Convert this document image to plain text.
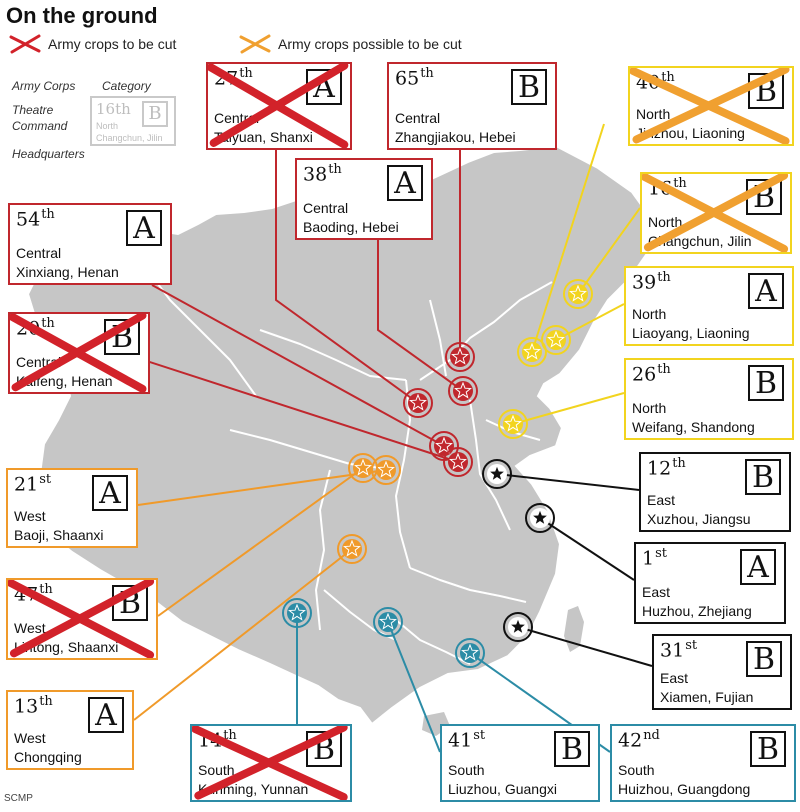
On the ground
Army crops to be cut	Army crops possible to be cut
Army Corps Category
Theatre Command
Headquarters
16th B
North
Changchun, Jilin
27th A
Central
Taiyuan, Shanxi
65th	B
Central
Zhangjiakou, Hebei
38th A
Central
Baoding, Hebei
54th	A
Central
Xinxiang, Henan
20th B
Central
Kaifeng, Henan
40th	B
North
Jinzhou, Liaoning
16th B
North
Changchun, Jilin
39th	A
North
Liaoyang, Liaoning
26th	B
North
Weifang, Shandong
12th B
East
Xuzhou, Jiangsu
1st	A
East
Huzhou, Zhejiang
31st B
East
Xiamen, Fujian
21st A
West
Baoji, Shaanxi
47th B
West
Lintong, Shaanxi
13th A
West
Chongqing
14th	B
South
Kunming, Yunnan
41st	B
South
Liuzhou, Guangxi
42nd	B
South
Huizhou, Guangdong
SCMP
